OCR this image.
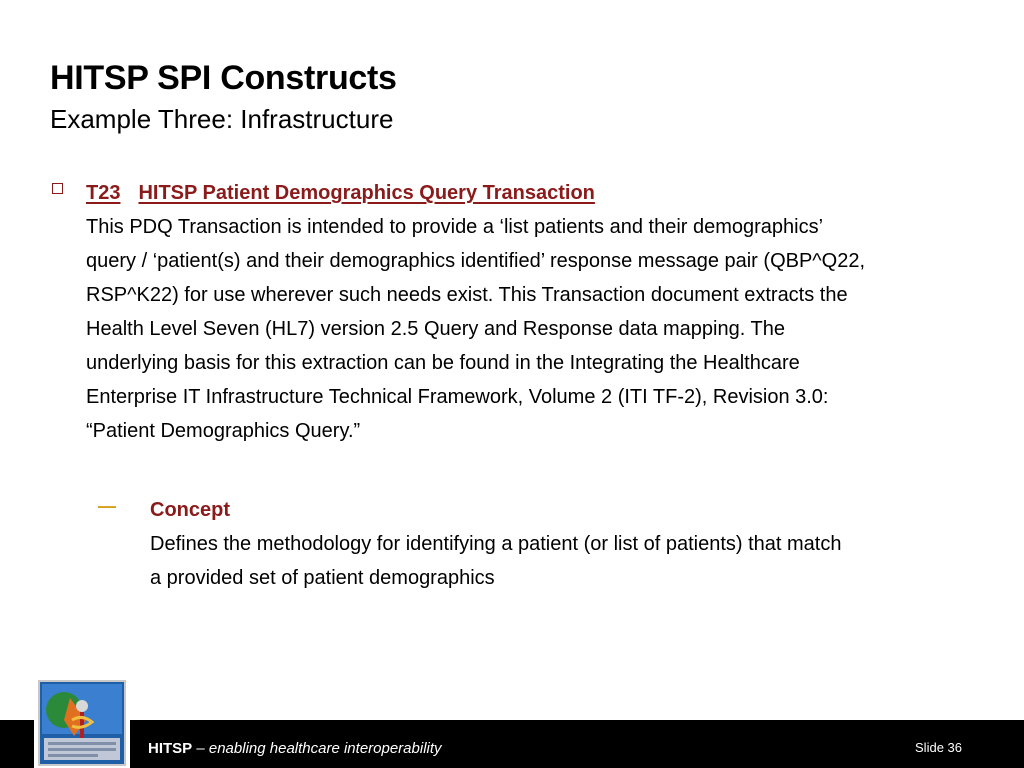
HITSP SPI Constructs
Example Three: Infrastructure
T23 HITSP Patient Demographics Query Transaction
This PDQ Transaction is intended to provide a ‘list patients and their demographics’
query / ‘patient(s) and their demographics identified’ response message pair (QBP^Q22,
RSP^K22) for use wherever such needs exist. This Transaction document extracts the
Health Level Seven (HL7) version 2.5 Query and Response data mapping. The
underlying basis for this extraction can be found in the Integrating the Healthcare
Enterprise IT Infrastructure Technical Framework, Volume 2 (ITI TF-2), Revision 3.0:
“Patient Demographics Query.”
— Concept
Defines the methodology for identifying a patient (or list of patients) that match
a provided set of patient demographics
HITSP – enabling healthcare interoperability	Slide 36
